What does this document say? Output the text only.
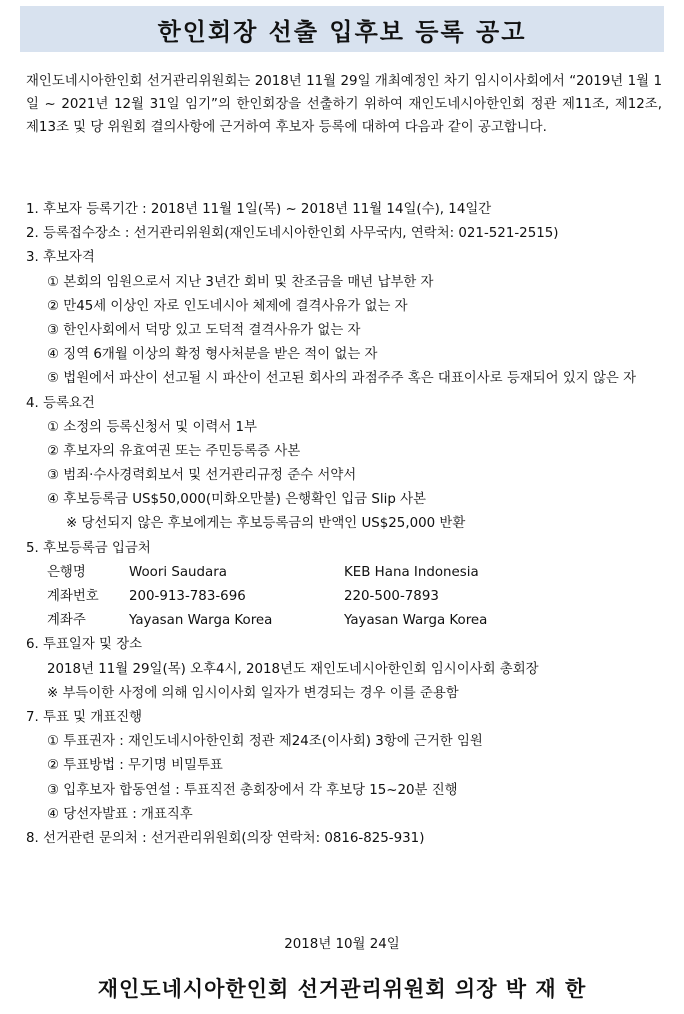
한인회장 선출 입후보 등록 공고
재인도네시아한인회 선거관리위원회는 2018년 11월 29일 개최예정인 차기 임시이사회에서 “2019년 1월 1일 ~ 2021년 12월 31일 임기”의 한인회장을 선출하기 위하여 재인도네시아한인회 정관 제11조, 제12조, 제13조 및 당 위원회 결의사항에 근거하여 후보자 등록에 대하여 다음과 같이 공고합니다.
1. 후보자 등록기간 : 2018년 11월 1일(목) ~ 2018년 11월 14일(수), 14일간
2. 등록접수장소 : 선거관리위원회(재인도네시아한인회 사무국内, 연락처: 021-521-2515)
3. 후보자격
① 본회의 임원으로서 지난 3년간 회비 및 찬조금을 매년 납부한 자
② 만45세 이상인 자로 인도네시아 체제에 결격사유가 없는 자
③ 한인사회에서 덕망 있고 도덕적 결격사유가 없는 자
④ 징역 6개월 이상의 확정 형사처분을 받은 적이 없는 자
⑤ 법원에서 파산이 선고될 시 파산이 선고된 회사의 과점주주 혹은 대표이사로 등재되어 있지 않은 자
4. 등록요건
① 소정의 등록신청서 및 이력서 1부
② 후보자의 유효여권 또는 주민등록증 사본
③ 범죄·수사경력회보서 및 선거관리규정 준수 서약서
④ 후보등록금 US$50,000(미화오만불) 은행확인 입금 Slip 사본
※ 당선되지 않은 후보에게는 후보등록금의 반액인 US$25,000 반환
5. 후보등록금 입금처
은행명	Woori Saudara	KEB Hana Indonesia
계좌번호	200-913-783-696	220-500-7893
계좌주	Yayasan Warga Korea	Yayasan Warga Korea
6. 투표일자 및 장소
2018년 11월 29일(목) 오후4시, 2018년도 재인도네시아한인회 임시이사회 총회장
※ 부득이한 사정에 의해 임시이사회 일자가 변경되는 경우 이를 준용함
7. 투표 및 개표진행
① 투표권자 : 재인도네시아한인회 정관 제24조(이사회) 3항에 근거한 임원
② 투표방법 : 무기명 비밀투표
③ 입후보자 합동연설 : 투표직전 총회장에서 각 후보당 15~20분 진행
④ 당선자발표 : 개표직후
8. 선거관련 문의처 : 선거관리위원회(의장 연락처: 0816-825-931)
2018년 10월 24일
재인도네시아한인회 선거관리위원회 의장 박 재 한
